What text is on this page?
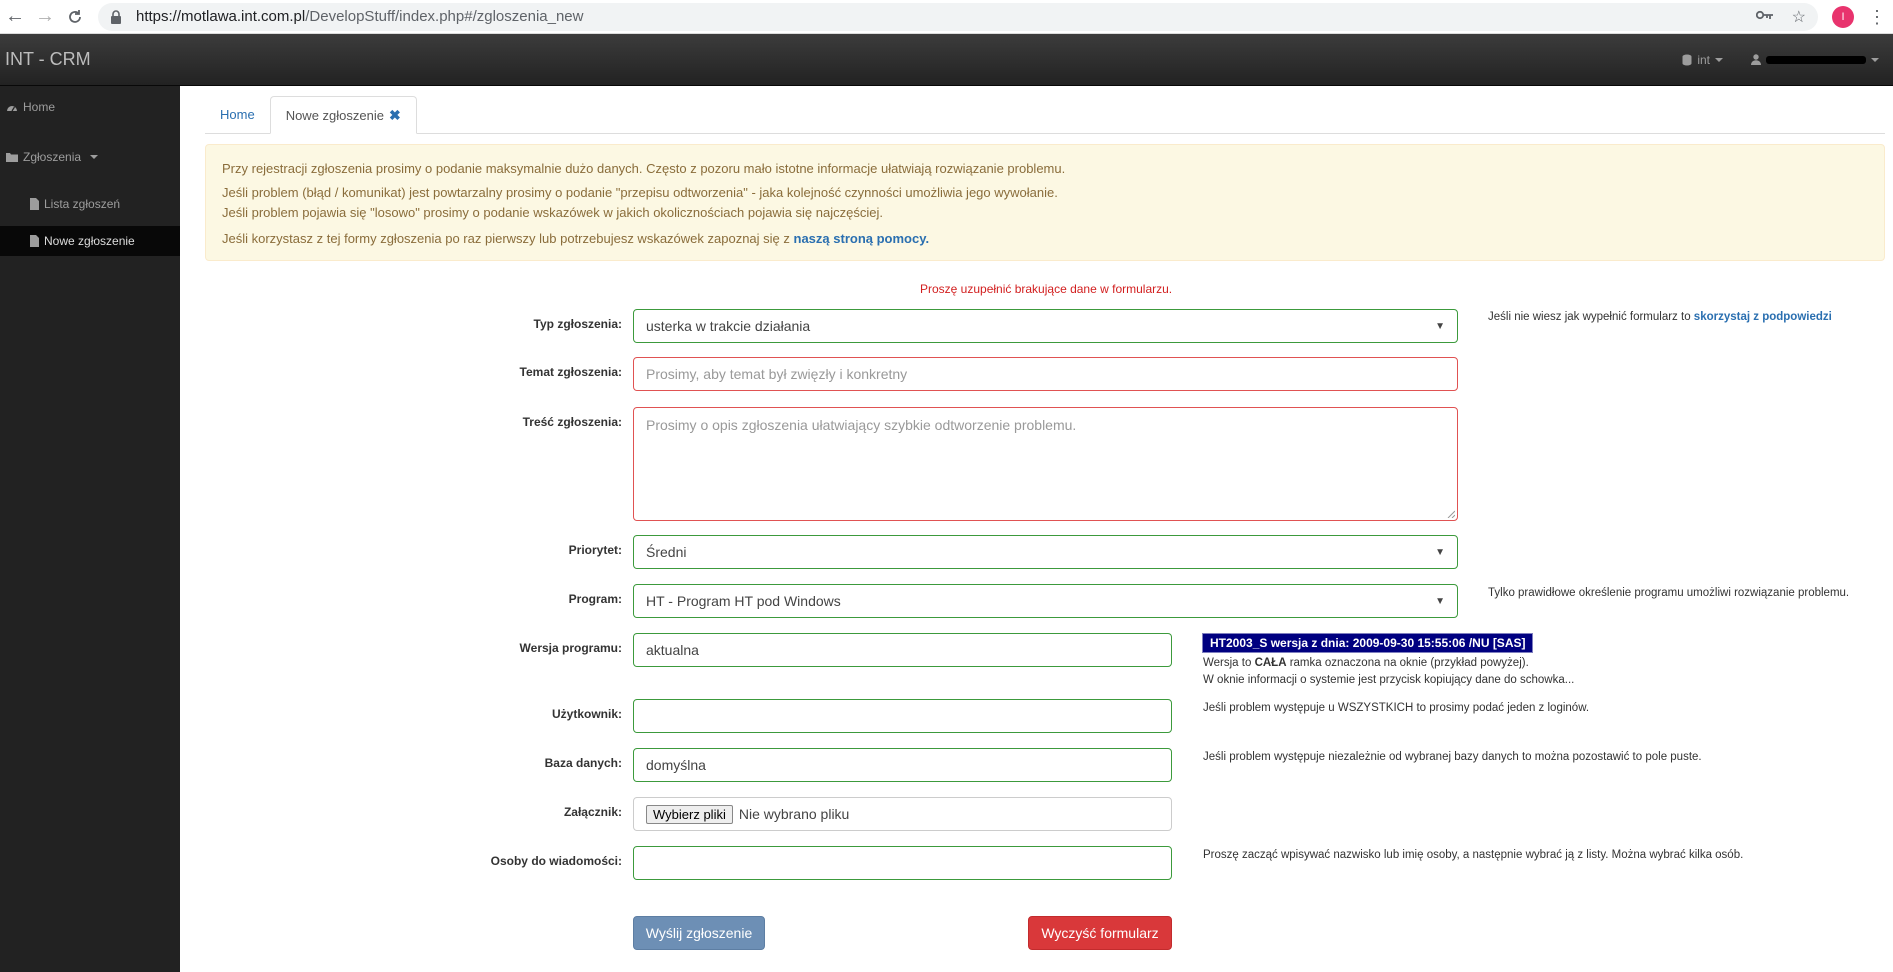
← →	https://motlawa.int.com.pl /DevelopStuff/index.php#/zgloszenia_new	☆	I	⋮
INT - CRM	int
Home
Zgłoszenia
Lista zgłoszeń
Nowe zgłoszenie
Home	Nowe zgłoszenie ✖

Przy rejestracji zgłoszenia prosimy o podanie maksymalnie dużo danych. Często z pozoru mało istotne informacje ułatwiają rozwiązanie problemu.

Jeśli problem (błąd / komunikat) jest powtarzalny prosimy o podanie "przepisu odtworzenia" - jaka kolejność czynności umożliwia jego wywołanie.

Jeśli problem pojawia się "losowo" prosimy o podanie wskazówek w jakich okolicznościach pojawia się najczęściej.

Jeśli korzystasz z tej formy zgłoszenia po raz pierwszy lub potrzebujesz wskazówek zapoznaj się z naszą stroną pomocy.

Proszę uzupełnić brakujące dane w formularzu.
Typ zgłoszenia: usterka w trakcie działania	▼
Jeśli nie wiesz jak wypełnić formularz to skorzystaj z podpowiedzi
Temat zgłoszenia: Prosimy, aby temat był zwięzły i konkretny
Treść zgłoszenia: Prosimy o opis zgłoszenia ułatwiający szybkie odtworzenie problemu.
Priorytet: Średni	▼
Program: HT - Program HT pod Windows	▼
Tylko prawidłowe określenie programu umożliwi rozwiązanie problemu.
Wersja programu: aktualna	HT2003_S wersja z dnia: 2009-09-30 15:55:06 /NU [SAS]
Wersja to CAŁA ramka oznaczona na oknie (przykład powyżej).
W oknie informacji o systemie jest przycisk kopiujący dane do schowka...
Użytkownik:	Jeśli problem występuje u WSZYSTKICH to prosimy podać jeden z loginów.
Baza danych: domyślna	Jeśli problem występuje niezależnie od wybranej bazy danych to można pozostawić to pole puste.
Załącznik:	Wybierz pliki Nie wybrano pliku
Osoby do wiadomości:	Proszę zacząć wpisywać nazwisko lub imię osoby, a następnie wybrać ją z listy. Można wybrać kilka osób.
Wyślij zgłoszenie	Wyczyść formularz
